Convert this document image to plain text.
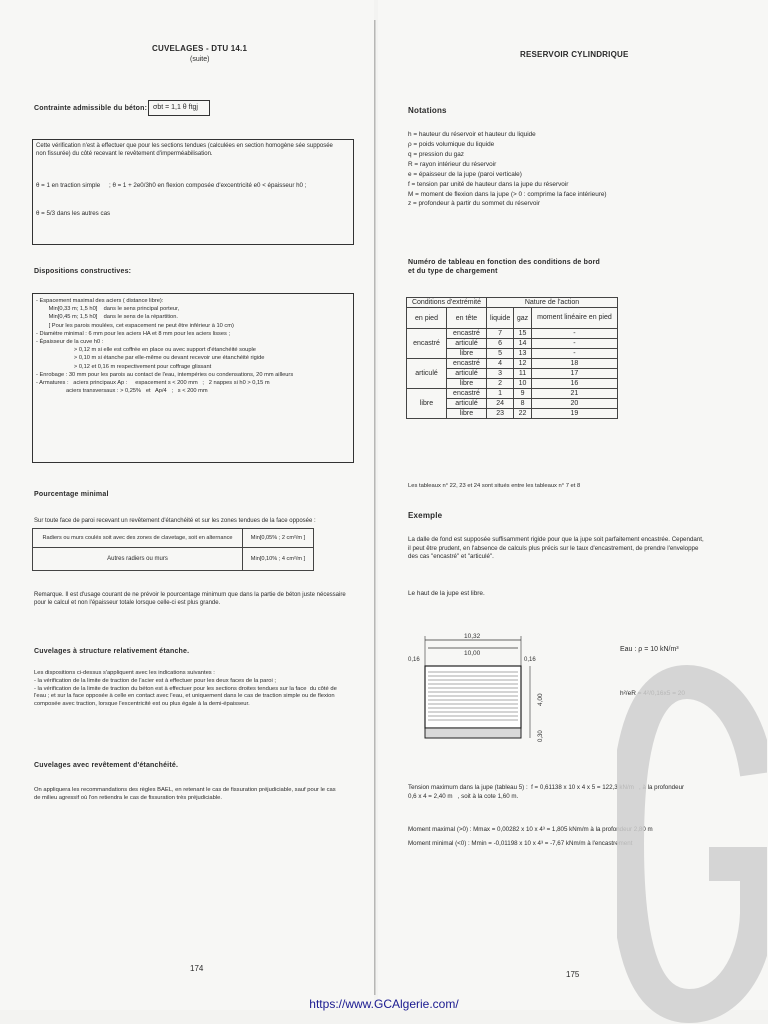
CUVELAGES - DTU 14.1
(suite)
Contrainte admissible du béton: σbt = 1,1 θ ftgj
Cette vérification n'est à effectuer que pour les sections tendues (calculées en section homogène sée supposée
non fissurée) du côté recevant le revêtement d'imperméabilisation.
θ = 1 en traction simple ; θ = 1 + 2e0/3h0 en flexion composée d'excentricité e0 < épaisseur h0 ;
θ = 5/3 dans les autres cas
Dispositions constructives:
- Espacement maximal des aciers ( distance libre):
Min[0,33 m; 1,5 h0]    dans le sens principal porteur,
Min[0,45 m; 1,5 h0]    dans le sens de la répartition.
[ Pour les parois moulées, cet espacement ne peut être inférieur à 10 cm)
- Diamètre minimal : 6 mm pour les aciers HA et 8 mm pour les aciers lisses ;
- Épaisseur de la cuve h0 :
> 0,12 m si elle est coffrée en place ou avec support d'étanchéité souple
> 0,10 m si étanche par elle-même ou devant recevoir une étanchéité rigide
> 0,12 et 0,16 m respectivement pour coffrage glissant
- Enrobage : 30 mm pour les parois au contact de l'eau, intempéries ou condensations, 20 mm ailleurs
- Armatures :   aciers principaux Ap :     espacement s < 200 mm   ;   2 nappes si h0 > 0,15 m
aciers transversaux : > 0,25%   et   Ap/4   ;   s < 200 mm
Pourcentage minimal
Sur toute face de paroi recevant un revêtement d'étanchéité et sur les zones tendues de la face opposée :
Radiers ou murs coulés soit avec des zones de clavetage, soit en alternance	Min[0,05% ; 2 cm²/m ]
Autres radiers ou murs	Min[0,10% ; 4 cm²/m ]
Remarque. Il est d'usage courant de ne prévoir le pourcentage minimum que dans la partie de béton juste nécessaire
pour le calcul et non l'épaisseur totale lorsque celle-ci est plus grande.
Cuvelages à structure relativement étanche.
Les dispositions ci-dessus s'appliquent avec les indications suivantes :
- la vérification de la limite de traction de l'acier est à effectuer pour les deux faces de la paroi ;
- la vérification de la limite de traction du béton est à effectuer pour les sections droites tendues sur la face  du côté de
l'eau ; et sur la face opposée à celle en contact avec l'eau, et uniquement dans le cas de traction simple ou de flexion
composée avec traction, lorsque l'excentricité est ou plus égale à la demi-épaisseur.
Cuvelages avec revêtement d'étanchéité.
On appliquera les recommandations des règles BAEL, en retenant le cas de fissuration préjudiciable, sauf pour le cas
de milieu agressif où l'on retiendra le cas de fissuration très préjudiciable.
174
RESERVOIR CYLINDRIQUE
Notations
h = hauteur du réservoir et hauteur du liquide
ρ = poids volumique du liquide
q = pression du gaz
R = rayon intérieur du réservoir
e = épaisseur de la jupe (paroi verticale)
f = tension par unité de hauteur dans la jupe du réservoir
M = moment de flexion dans la jupe (> 0 : comprime la face intérieure)
z = profondeur à partir du sommet du réservoir
Numéro de tableau en fonction des conditions de bord
et du type de chargement
Conditions d'extrémité		Nature de l'action		
en pied	en tête	liquide	gaz	moment linéaire en pied
encastré	encastré	7	15	-
	articulé	6	14	-
	libre	5	13	-
articulé	encastré	4	12	18
	articulé	3	11	17
	libre	2	10	16
libre	encastré	1	9	21
	articulé	24	8	20
	libre	23	22	19
Les tableaux n° 22, 23 et 24 sont situés entre les tableaux n° 7 et 8
Exemple
La dalle de fond est supposée suffisamment rigide pour que la jupe soit parfaitement encastrée. Cependant,
il peut être prudent, en l'absence de calculs plus précis sur le taux d'encastrement, de prendre l'enveloppe
des cas "encastré" et "articulé".
Le haut de la jupe est libre.
10,32
10,00
0,16	0,16
4,00
0,30
Eau : ρ = 10 kN/m³
h²/eR = 4²/0,16x5 = 20
Tension maximum dans la jupe (tableau 5) :  f = 0,61138 x 10 x 4 x 5 = 122,3 kN/m   , à la profondeur
0,6 x 4 = 2,40 m   , soit à la cote 1,60 m.
Moment maximal (>0) : Mmax = 0,00282 x 10 x 4³ = 1,805 kNm/m à la profondeur 2,80 m
Moment minimal (<0) : Mmin = -0,01198 x 10 x 4³ = -7,67 kNm/m à l'encastrement
175
https://www.GCAlgerie.com/
